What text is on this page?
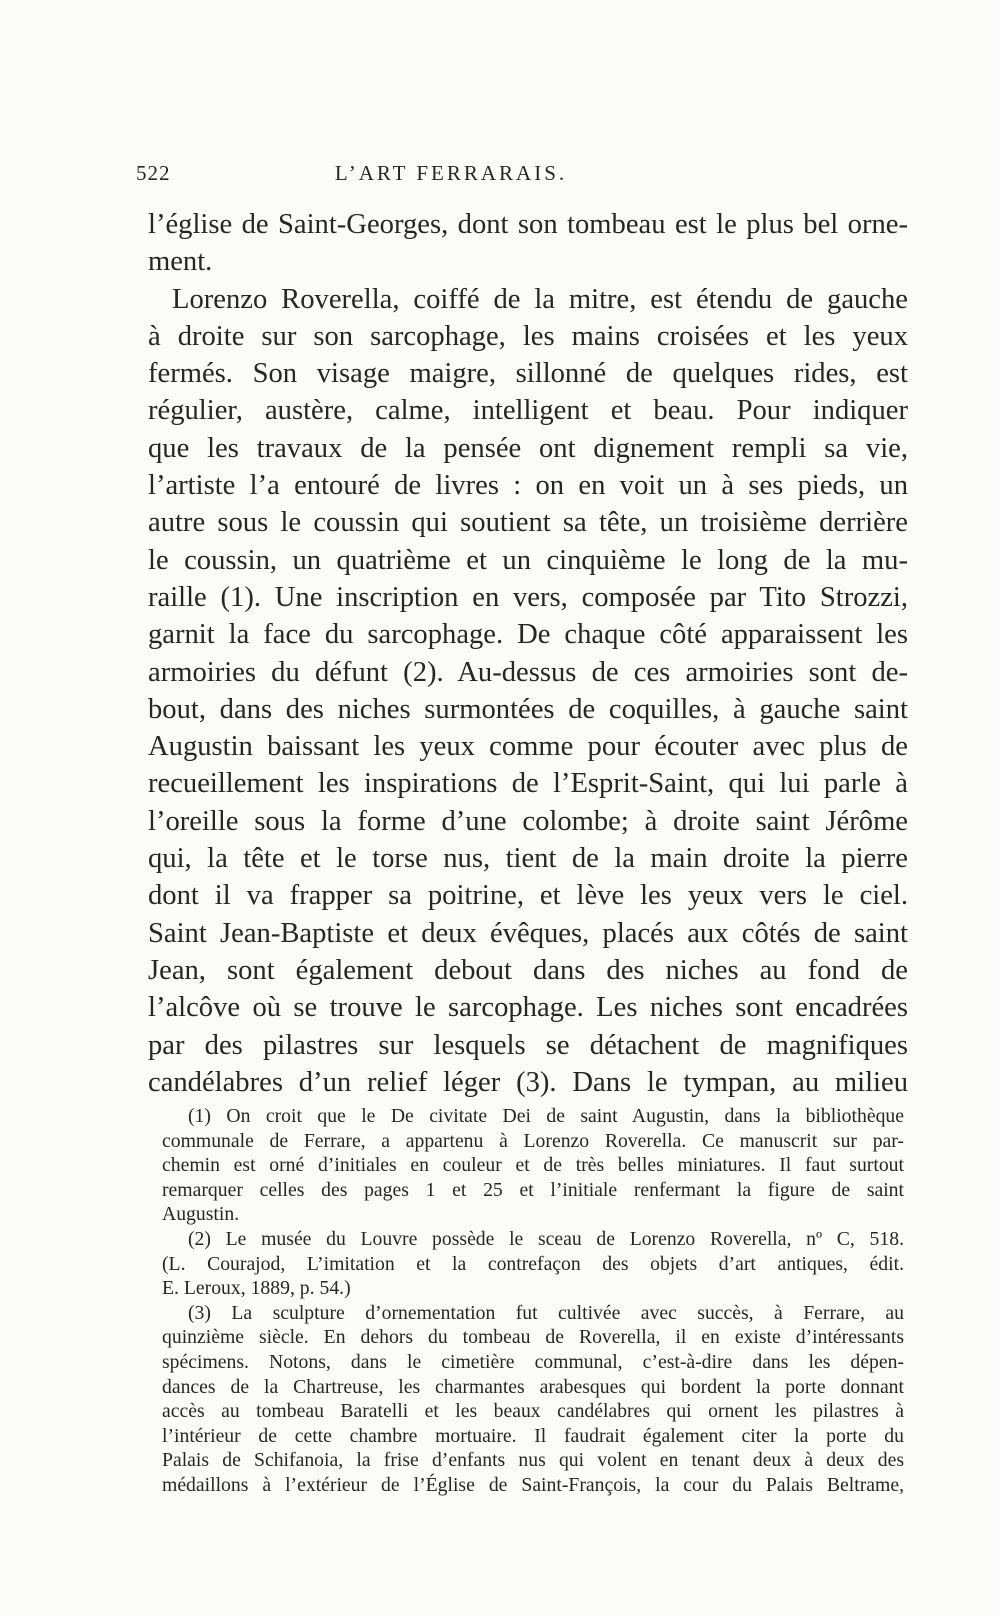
522	L’ART FERRARAIS.
l’église de Saint-Georges, dont son tombeau est le plus bel orne-
ment.
Lorenzo Roverella, coiffé de la mitre, est étendu de gauche
à droite sur son sarcophage, les mains croisées et les yeux
fermés. Son visage maigre, sillonné de quelques rides, est
régulier, austère, calme, intelligent et beau. Pour indiquer
que les travaux de la pensée ont dignement rempli sa vie,
l’artiste l’a entouré de livres : on en voit un à ses pieds, un
autre sous le coussin qui soutient sa tête, un troisième derrière
le coussin, un quatrième et un cinquième le long de la mu-
raille (1). Une inscription en vers, composée par Tito Strozzi,
garnit la face du sarcophage. De chaque côté apparaissent les
armoiries du défunt (2). Au-dessus de ces armoiries sont de-
bout, dans des niches surmontées de coquilles, à gauche saint
Augustin baissant les yeux comme pour écouter avec plus de
recueillement les inspirations de l’Esprit-Saint, qui lui parle à
l’oreille sous la forme d’une colombe; à droite saint Jérôme
qui, la tête et le torse nus, tient de la main droite la pierre
dont il va frapper sa poitrine, et lève les yeux vers le ciel.
Saint Jean-Baptiste et deux évêques, placés aux côtés de saint
Jean, sont également debout dans des niches au fond de
l’alcôve où se trouve le sarcophage. Les niches sont encadrées
par des pilastres sur lesquels se détachent de magnifiques
candélabres d’un relief léger (3). Dans le tympan, au milieu
(1) On croit que le De civitate Dei de saint Augustin, dans la bibliothèque
communale de Ferrare, a appartenu à Lorenzo Roverella. Ce manuscrit sur par-
chemin est orné d’initiales en couleur et de très belles miniatures. Il faut surtout
remarquer celles des pages 1 et 25 et l’initiale renfermant la figure de saint
Augustin.
(2) Le musée du Louvre possède le sceau de Lorenzo Roverella, nº C, 518.
(L. Courajod, L’imitation et la contrefaçon des objets d’art antiques, édit.
E. Leroux, 1889, p. 54.)
(3) La sculpture d’ornementation fut cultivée avec succès, à Ferrare, au
quinzième siècle. En dehors du tombeau de Roverella, il en existe d’intéressants
spécimens. Notons, dans le cimetière communal, c’est-à-dire dans les dépen-
dances de la Chartreuse, les charmantes arabesques qui bordent la porte donnant
accès au tombeau Baratelli et les beaux candélabres qui ornent les pilastres à
l’intérieur de cette chambre mortuaire. Il faudrait également citer la porte du
Palais de Schifanoia, la frise d’enfants nus qui volent en tenant deux à deux des
médaillons à l’extérieur de l’Église de Saint-François, la cour du Palais Beltrame,
